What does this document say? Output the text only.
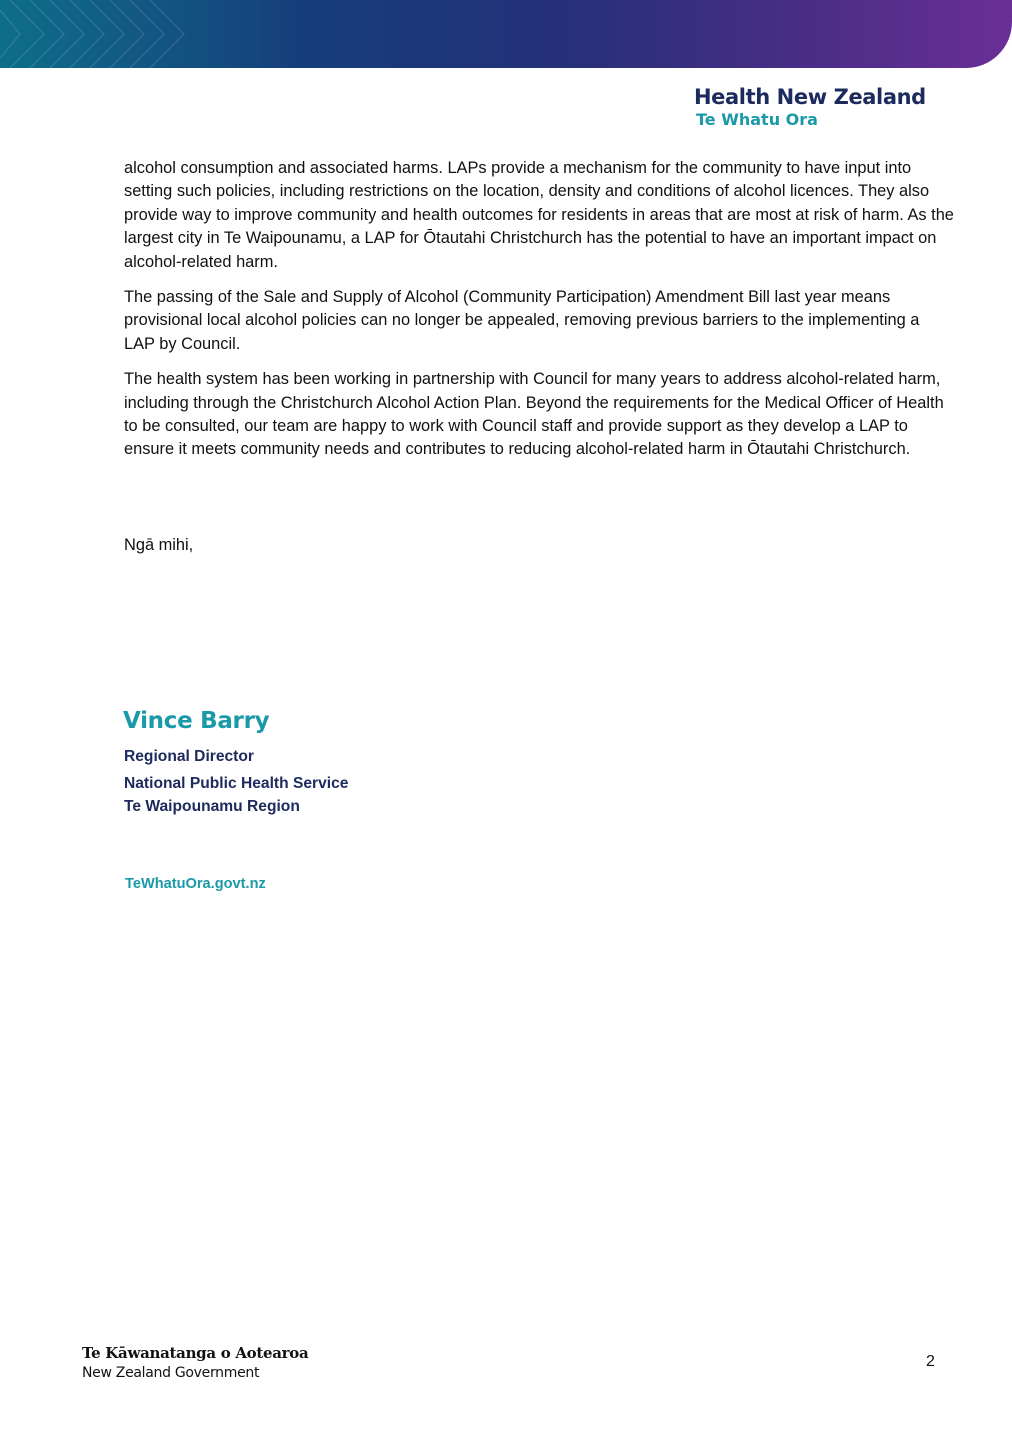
Health New Zealand
Te Whatu Ora

alcohol consumption and associated harms. LAPs provide a mechanism for the community to have input into setting such policies, including restrictions on the location, density and conditions of alcohol licences. They also provide way to improve community and health outcomes for residents in areas that are most at risk of harm. As the largest city in Te Waipounamu, a LAP for Ōtautahi Christchurch has the potential to have an important impact on alcohol-related harm.

The passing of the Sale and Supply of Alcohol (Community Participation) Amendment Bill last year means provisional local alcohol policies can no longer be appealed, removing previous barriers to the implementing a LAP by Council.

The health system has been working in partnership with Council for many years to address alcohol-related harm, including through the Christchurch Alcohol Action Plan. Beyond the requirements for the Medical Officer of Health to be consulted, our team are happy to work with Council staff and provide support as they develop a LAP to ensure it meets community needs and contributes to reducing alcohol-related harm in Ōtautahi Christchurch.

Ngā mihi,

Vince Barry

Regional Director

National Public Health Service

Te Waipounamu Region

TeWhatuOra.govt.nz
Te Kāwanatanga o Aotearoa
New Zealand Government
2
